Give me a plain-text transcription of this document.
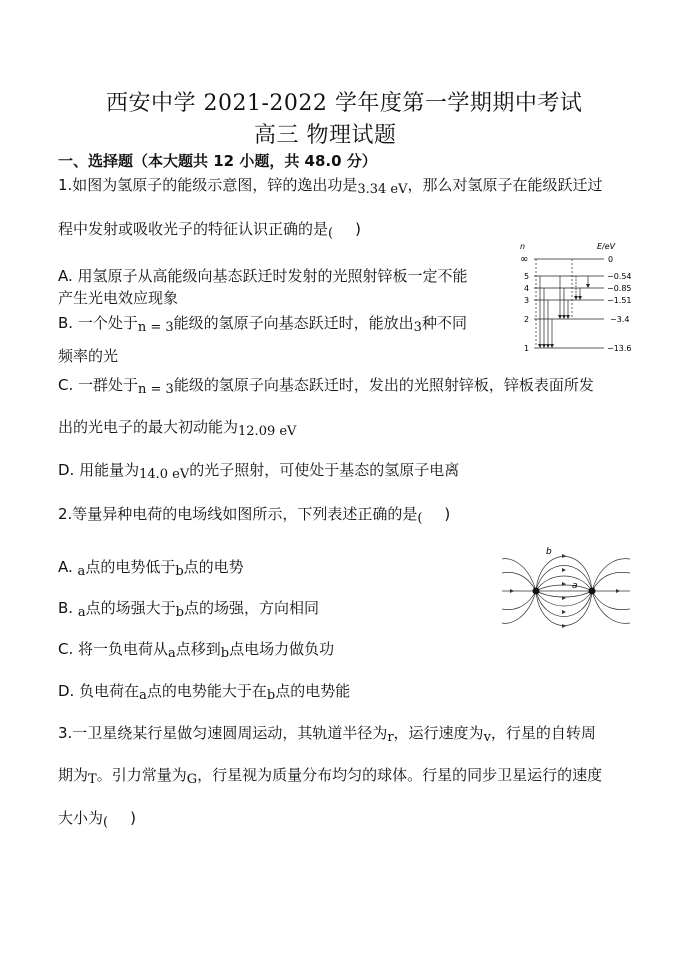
西安中学 2021-2022 学年度第一学期期中考试
高三 物理试题
一、选择题（本大题共 12 小题，共 48.0 分）
1.如图为氢原子的能级示意图，锌的逸出功是3.34 eV，那么对氢原子在能级跃迁过
程中发射或吸收光子的特征认识正确的是( )
A. 用氢原子从高能级向基态跃迁时发射的光照射锌板一定不能
产生光电效应现象
B. 一个处于n = 3能级的氢原子向基态跃迁时，能放出3种不同
频率的光
C. 一群处于n = 3能级的氢原子向基态跃迁时，发出的光照射锌板，锌板表面所发
出的光电子的最大初动能为12.09 eV
D. 用能量为14.0 eV的光子照射，可使处于基态的氢原子电离
n	E/eV
∞	0
5	−0.54
4	−0.85
3	−1.51
2	−3.4
1	−13.6
2.等量异种电荷的电场线如图所示，下列表述正确的是( )
A. a点的电势低于b点的电势
B. a点的场强大于b点的场强，方向相同
C. 将一负电荷从a点移到b点电场力做负功
D. 负电荷在a点的电势能大于在b点的电势能
b
a
3.一卫星绕某行星做匀速圆周运动，其轨道半径为r，运行速度为v，行星的自转周
期为T。引力常量为G，行星视为质量分布均匀的球体。行星的同步卫星运行的速度
大小为( )
